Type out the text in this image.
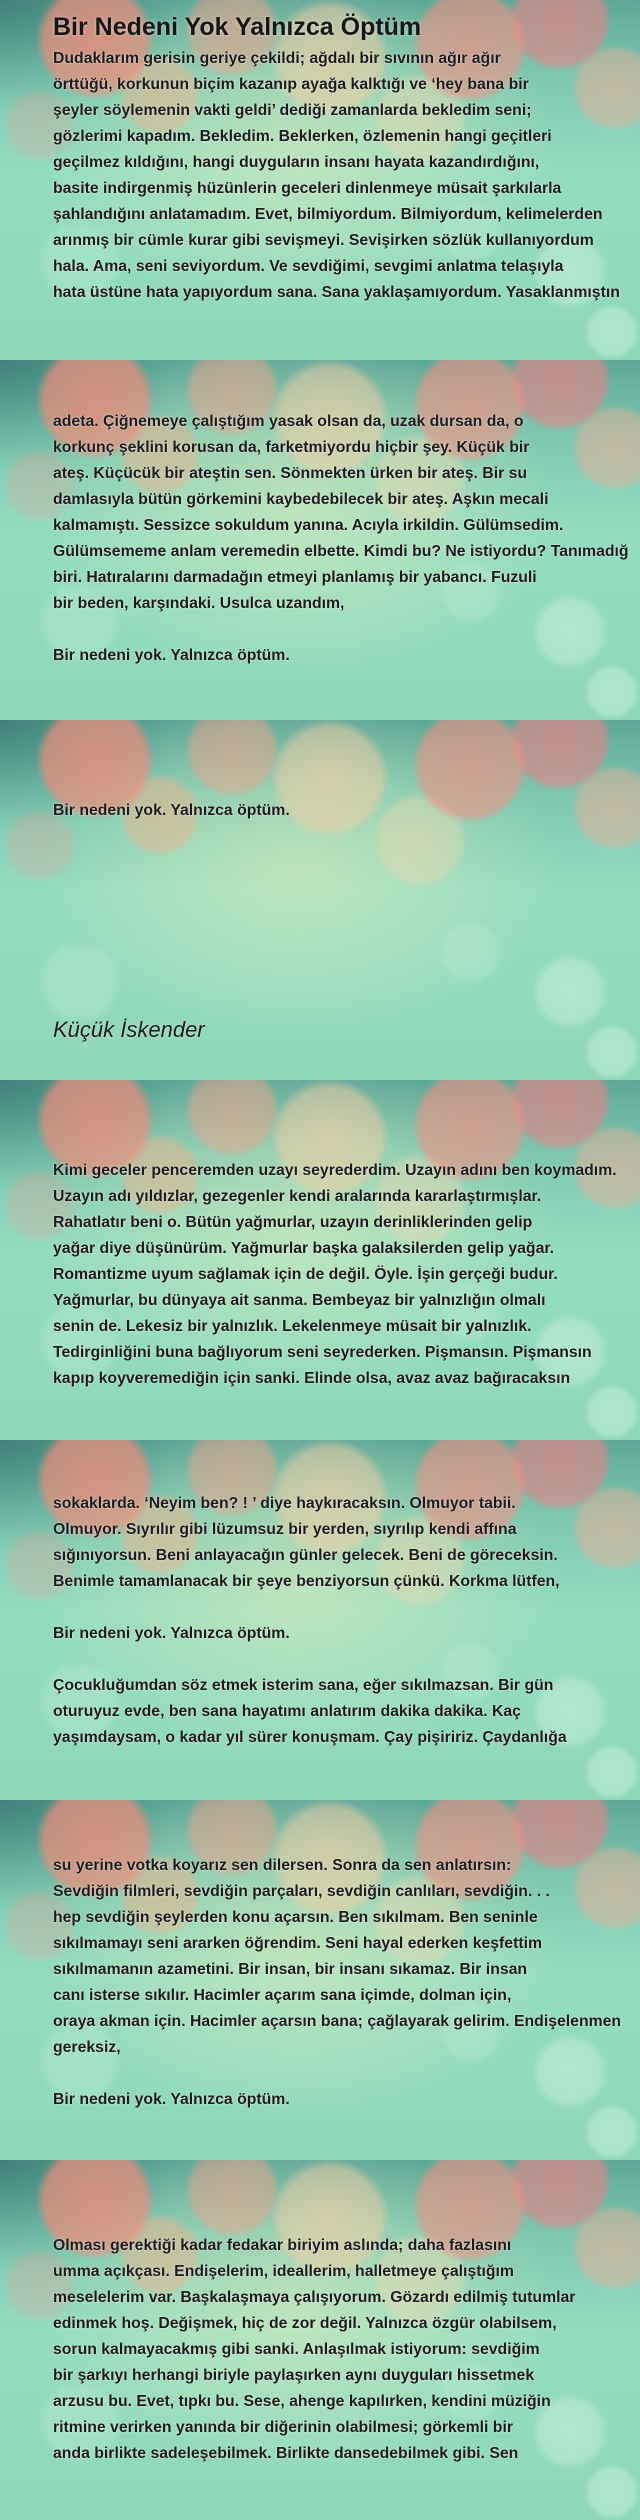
Bir Nedeni Yok Yalnızca Öptüm
Dudaklarım gerisin geriye çekildi; ağdalı bir sıvının ağır ağır
örttüğü, korkunun biçim kazanıp ayağa kalktığı ve ‘hey bana bir
şeyler söylemenin vakti geldi’ dediği zamanlarda bekledim seni;
gözlerimi kapadım. Bekledim. Beklerken, özlemenin hangi geçitleri
geçilmez kıldığını, hangi duyguların insanı hayata kazandırdığını,
basite indirgenmiş hüzünlerin geceleri dinlenmeye müsait şarkılarla
şahlandığını anlatamadım. Evet, bilmiyordum. Bilmiyordum, kelimelerden
arınmış bir cümle kurar gibi sevişmeyi. Sevişirken sözlük kullanıyordum
hala. Ama, seni seviyordum. Ve sevdiğimi, sevgimi anlatma telaşıyla
hata üstüne hata yapıyordum sana. Sana yaklaşamıyordum. Yasaklanmıştın
adeta. Çiğnemeye çalıştığım yasak olsan da, uzak dursan da, o
korkunç şeklini korusan da, farketmiyordu hiçbir şey. Küçük bir
ateş. Küçücük bir ateştin sen. Sönmekten ürken bir ateş. Bir su
damlasıyla bütün görkemini kaybedebilecek bir ateş. Aşkın mecali
kalmamıştı. Sessizce sokuldum yanına. Acıyla irkildin. Gülümsedim.
Gülümsememe anlam veremedin elbette. Kimdi bu? Ne istiyordu? Tanımadığ
biri. Hatıralarını darmadağın etmeyi planlamış bir yabancı. Fuzuli
bir beden, karşındaki. Usulca uzandım,
Bir nedeni yok. Yalnızca öptüm.
Bir nedeni yok. Yalnızca öptüm.
Küçük İskender
Kimi geceler penceremden uzayı seyrederdim. Uzayın adını ben koymadım.
Uzayın adı yıldızlar, gezegenler kendi aralarında kararlaştırmışlar.
Rahatlatır beni o. Bütün yağmurlar, uzayın derinliklerinden gelip
yağar diye düşünürüm. Yağmurlar başka galaksilerden gelip yağar.
Romantizme uyum sağlamak için de değil. Öyle. İşin gerçeği budur.
Yağmurlar, bu dünyaya ait sanma. Bembeyaz bir yalnızlığın olmalı
senin de. Lekesiz bir yalnızlık. Lekelenmeye müsait bir yalnızlık.
Tedirginliğini buna bağlıyorum seni seyrederken. Pişmansın. Pişmansın
kapıp koyveremediğin için sanki. Elinde olsa, avaz avaz bağıracaksın
sokaklarda. ‘Neyim ben? ! ’ diye haykıracaksın. Olmuyor tabii.
Olmuyor. Sıyrılır gibi lüzumsuz bir yerden, sıyrılıp kendi affına
sığınıyorsun. Beni anlayacağın günler gelecek. Beni de göreceksin.
Benimle tamamlanacak bir şeye benziyorsun çünkü. Korkma lütfen,
Bir nedeni yok. Yalnızca öptüm.
Çocukluğumdan söz etmek isterim sana, eğer sıkılmazsan. Bir gün
oturuyuz evde, ben sana hayatımı anlatırım dakika dakika. Kaç
yaşımdaysam, o kadar yıl sürer konuşmam. Çay pişiririz. Çaydanlığa
su yerine votka koyarız sen dilersen. Sonra da sen anlatırsın:
Sevdiğin filmleri, sevdiğin parçaları, sevdiğin canlıları, sevdiğin. . .
hep sevdiğin şeylerden konu açarsın. Ben sıkılmam. Ben seninle
sıkılmamayı seni ararken öğrendim. Seni hayal ederken keşfettim
sıkılmamanın azametini. Bir insan, bir insanı sıkamaz. Bir insan
canı isterse sıkılır. Hacimler açarım sana içimde, dolman için,
oraya akman için. Hacimler açarsın bana; çağlayarak gelirim. Endişelenmen
gereksiz,
Bir nedeni yok. Yalnızca öptüm.
Olması gerektiği kadar fedakar biriyim aslında; daha fazlasını
umma açıkçası. Endişelerim, ideallerim, halletmeye çalıştığım
meselelerim var. Başkalaşmaya çalışıyorum. Gözardı edilmiş tutumlar
edinmek hoş. Değişmek, hiç de zor değil. Yalnızca özgür olabilsem,
sorun kalmayacakmış gibi sanki. Anlaşılmak istiyorum: sevdiğim
bir şarkıyı herhangi biriyle paylaşırken aynı duyguları hissetmek
arzusu bu. Evet, tıpkı bu. Sese, ahenge kapılırken, kendini müziğin
ritmine verirken yanında bir diğerinin olabilmesi; görkemli bir
anda birlikte sadeleşebilmek. Birlikte dansedebilmek gibi. Sen
